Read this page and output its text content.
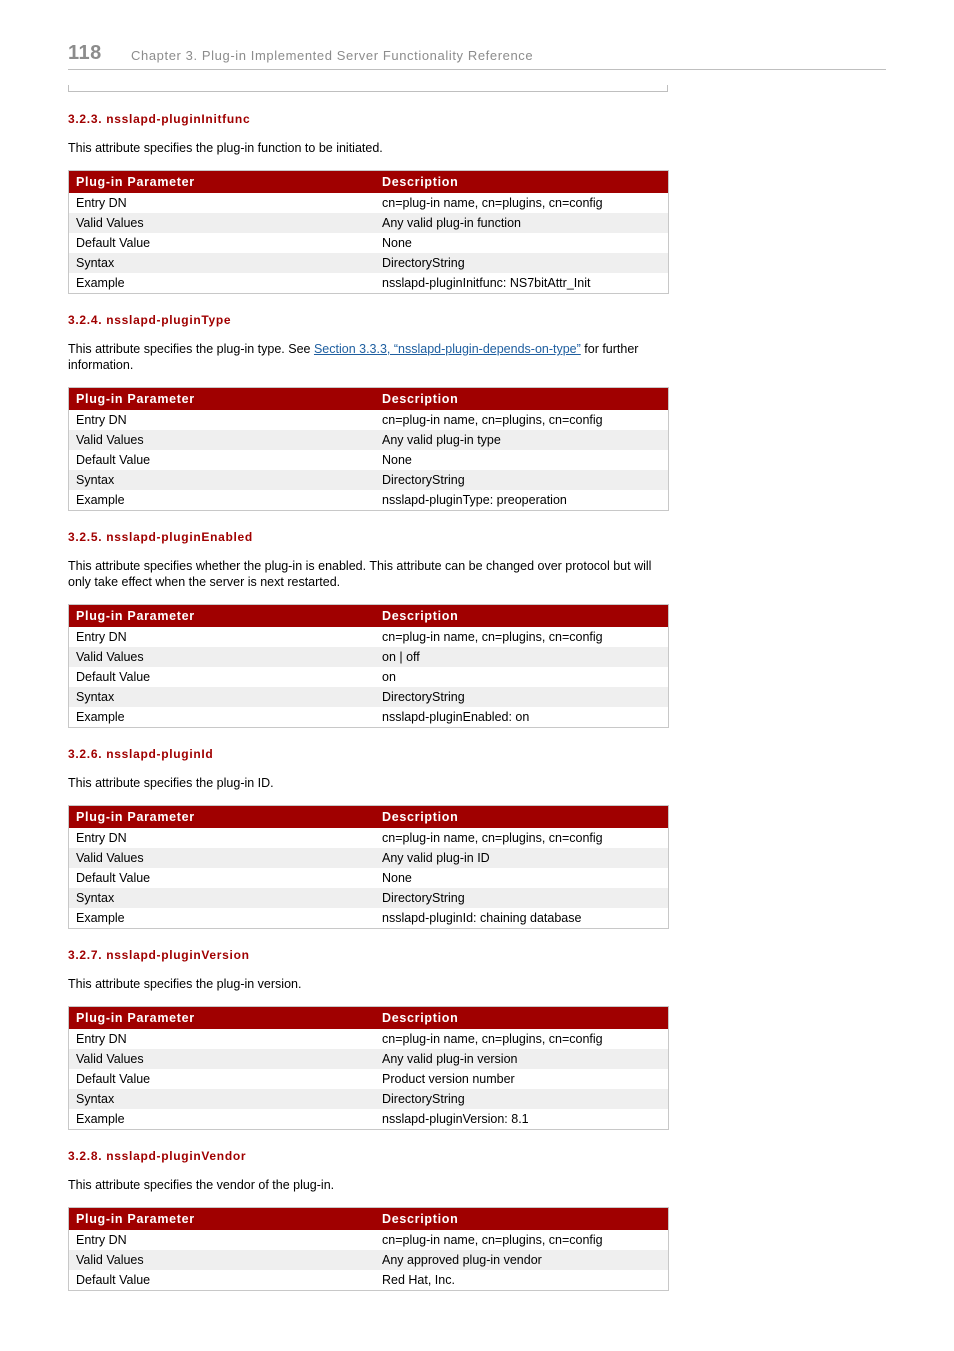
118 Chapter 3. Plug-in Implemented Server Functionality Reference
3.2.3. nsslapd-pluginInitfunc

This attribute specifies the plug-in function to be initiated.

Plug-in Parameter	Description
Entry DN	cn=plug-in name, cn=plugins, cn=config
Valid Values	Any valid plug-in function
Default Value	None
Syntax	DirectoryString
Example	nsslapd-pluginInitfunc: NS7bitAttr_Init
3.2.4. nsslapd-pluginType

This attribute specifies the plug-in type. See Section 3.3.3, “nsslapd-plugin-depends-on-type” for further information.

Plug-in Parameter	Description
Entry DN	cn=plug-in name, cn=plugins, cn=config
Valid Values	Any valid plug-in type
Default Value	None
Syntax	DirectoryString
Example	nsslapd-pluginType: preoperation
3.2.5. nsslapd-pluginEnabled

This attribute specifies whether the plug-in is enabled. This attribute can be changed over protocol but will only take effect when the server is next restarted.

Plug-in Parameter	Description
Entry DN	cn=plug-in name, cn=plugins, cn=config
Valid Values	on | off
Default Value	on
Syntax	DirectoryString
Example	nsslapd-pluginEnabled: on
3.2.6. nsslapd-pluginId

This attribute specifies the plug-in ID.

Plug-in Parameter	Description
Entry DN	cn=plug-in name, cn=plugins, cn=config
Valid Values	Any valid plug-in ID
Default Value	None
Syntax	DirectoryString
Example	nsslapd-pluginId: chaining database
3.2.7. nsslapd-pluginVersion

This attribute specifies the plug-in version.

Plug-in Parameter	Description
Entry DN	cn=plug-in name, cn=plugins, cn=config
Valid Values	Any valid plug-in version
Default Value	Product version number
Syntax	DirectoryString
Example	nsslapd-pluginVersion: 8.1
3.2.8. nsslapd-pluginVendor

This attribute specifies the vendor of the plug-in.

Plug-in Parameter	Description
Entry DN	cn=plug-in name, cn=plugins, cn=config
Valid Values	Any approved plug-in vendor
Default Value	Red Hat, Inc.
